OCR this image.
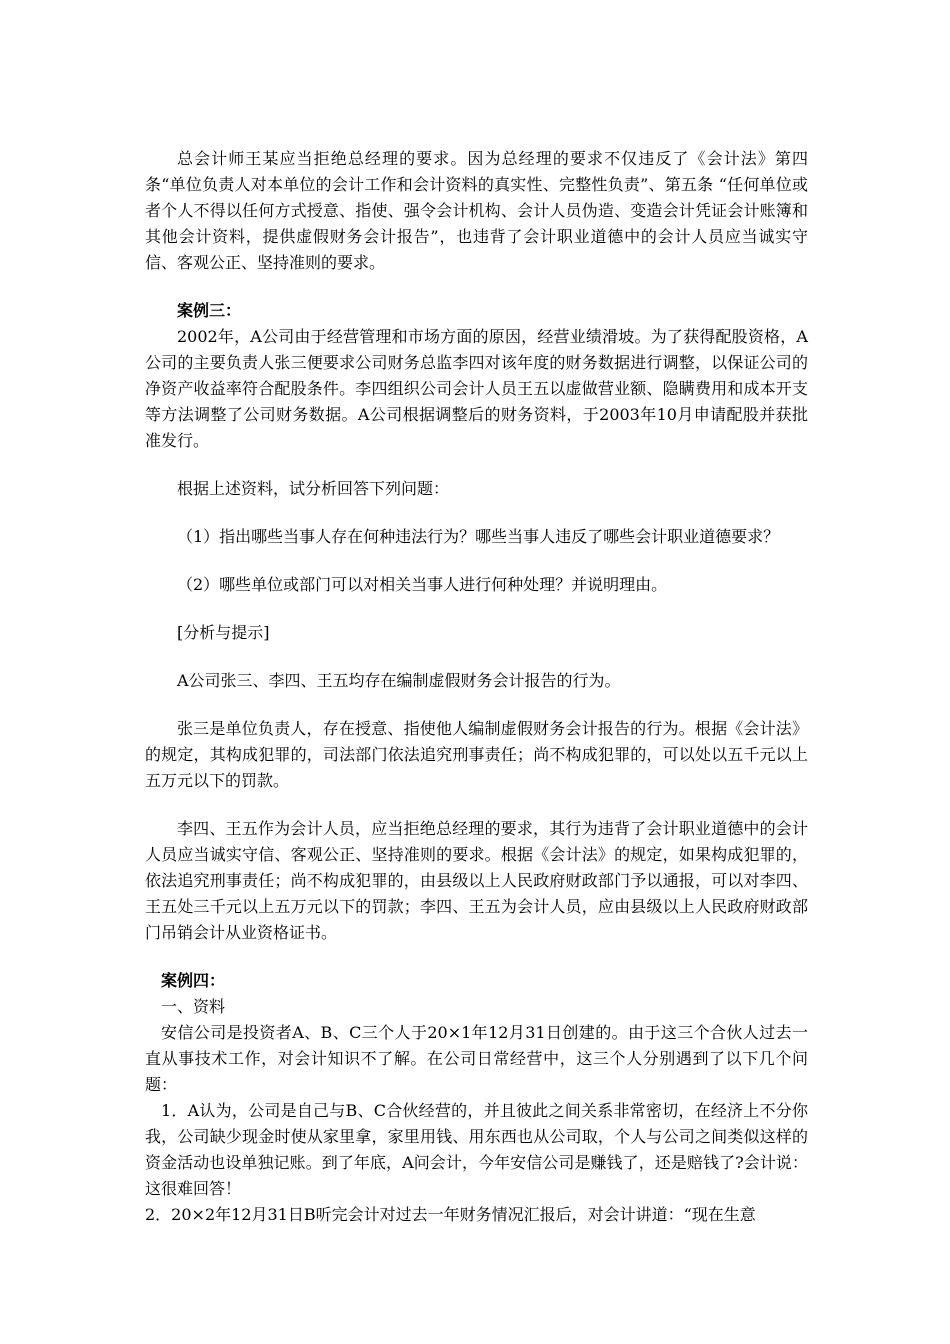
总会计师王某应当拒绝总经理的要求。因为总经理的要求不仅违反了《会计法》第四条“单位负责人对本单位的会计工作和会计资料的真实性、完整性负责”、第五条 “任何单位或者个人不得以任何方式授意、指使、强令会计机构、会计人员伪造、变造会计凭证会计账簿和其他会计资料，提供虚假财务会计报告”，也违背了会计职业道德中的会计人员应当诚实守信、客观公正、坚持准则的要求。

案例三：

2002年，A公司由于经营管理和市场方面的原因，经营业绩滑坡。为了获得配股资格，A公司的主要负责人张三便要求公司财务总监李四对该年度的财务数据进行调整，以保证公司的净资产收益率符合配股条件。李四组织公司会计人员王五以虚做营业额、隐瞒费用和成本开支等方法调整了公司财务数据。A公司根据调整后的财务资料，于2003年10月申请配股并获批准发行。

根据上述资料，试分析回答下列问题：

（1）指出哪些当事人存在何种违法行为？哪些当事人违反了哪些会计职业道德要求？

（2）哪些单位或部门可以对相关当事人进行何种处理？并说明理由。

[分析与提示]

A公司张三、李四、王五均存在编制虚假财务会计报告的行为。

张三是单位负责人，存在授意、指使他人编制虚假财务会计报告的行为。根据《会计法》的规定，其构成犯罪的，司法部门依法追究刑事责任；尚不构成犯罪的，可以处以五千元以上五万元以下的罚款。

李四、王五作为会计人员，应当拒绝总经理的要求，其行为违背了会计职业道德中的会计人员应当诚实守信、客观公正、坚持准则的要求。根据《会计法》的规定，如果构成犯罪的，依法追究刑事责任；尚不构成犯罪的，由县级以上人民政府财政部门予以通报，可以对李四、王五处三千元以上五万元以下的罚款；李四、王五为会计人员，应由县级以上人民政府财政部门吊销会计从业资格证书。

案例四：

一、资料

安信公司是投资者A、B、C三个人于20×1年12月31日创建的。由于这三个合伙人过去一直从事技术工作，对会计知识不了解。在公司日常经营中，这三个人分别遇到了以下几个问题：

1．A认为，公司是自己与B、C合伙经营的，并且彼此之间关系非常密切，在经济上不分你我，公司缺少现金时使从家里拿，家里用钱、用东西也从公司取，个人与公司之间类似这样的资金活动也设单独记账。到了年底，A问会计，今年安信公司是赚钱了，还是赔钱了?会计说：这很难回答！

2．20×2年12月31日B听完会计对过去一年财务情况汇报后，对会计讲道：“现在生意
